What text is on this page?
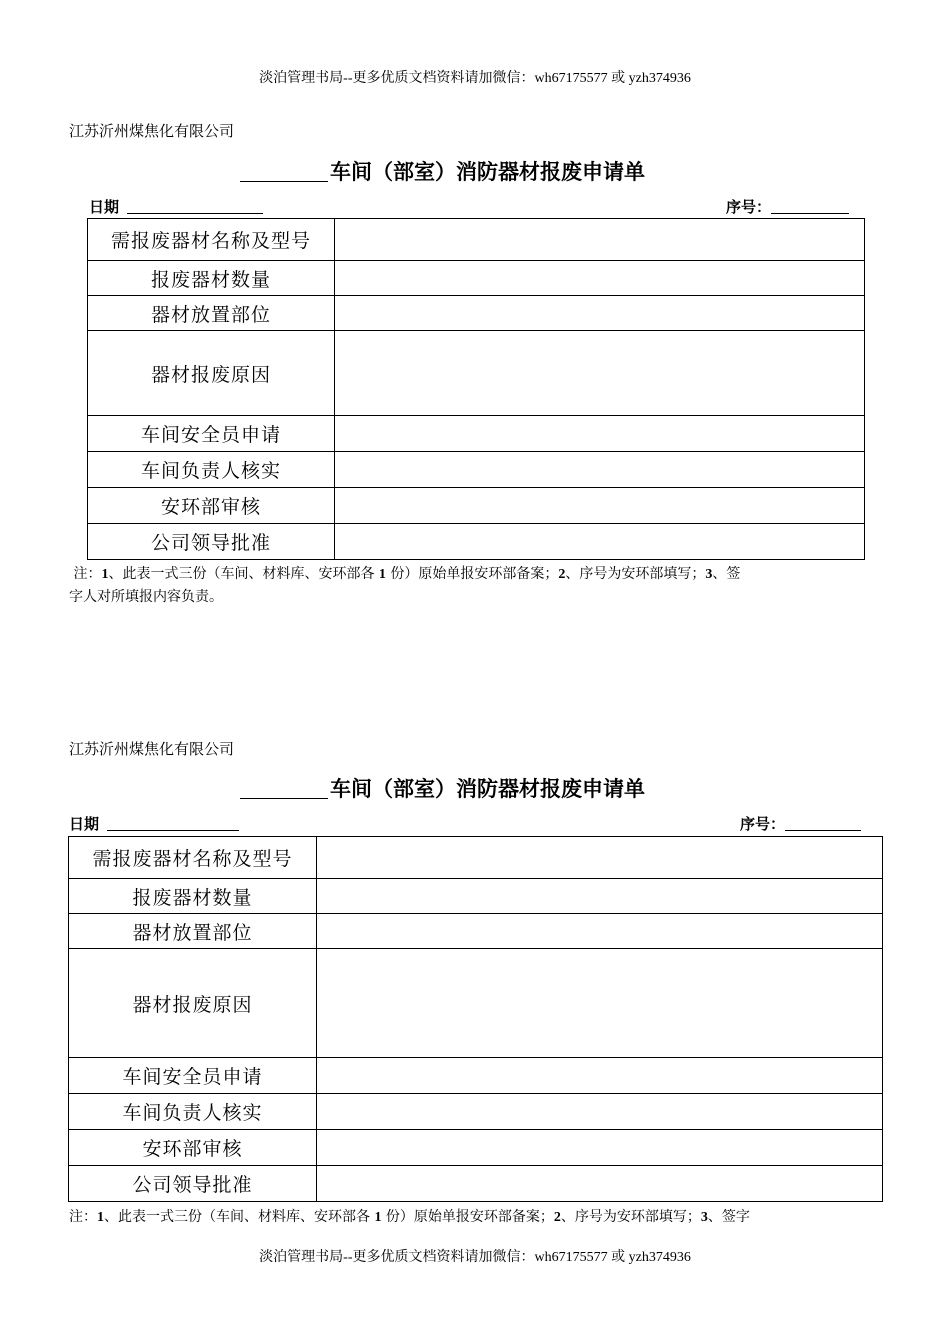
淡泊管理书局--更多优质文档资料请加微信：wh67175577 或 yzh374936
江苏沂州煤焦化有限公司
车间（部室）消防器材报废申请单
日期	序号：
需报废器材名称及型号	
报废器材数量	
器材放置部位	
器材报废原因	
车间安全员申请	
车间负责人核实	
安环部审核	
公司领导批准	
注：1、此表一式三份（车间、材料库、安环部各 1 份）原始单报安环部备案；2、序号为安环部填写；3、签
字人对所填报内容负责。
江苏沂州煤焦化有限公司
车间（部室）消防器材报废申请单
日期	序号：
需报废器材名称及型号	
报废器材数量	
器材放置部位	
器材报废原因	
车间安全员申请	
车间负责人核实	
安环部审核	
公司领导批准	
注：1、此表一式三份（车间、材料库、安环部各 1 份）原始单报安环部备案；2、序号为安环部填写；3、签字
淡泊管理书局--更多优质文档资料请加微信：wh67175577 或 yzh374936
